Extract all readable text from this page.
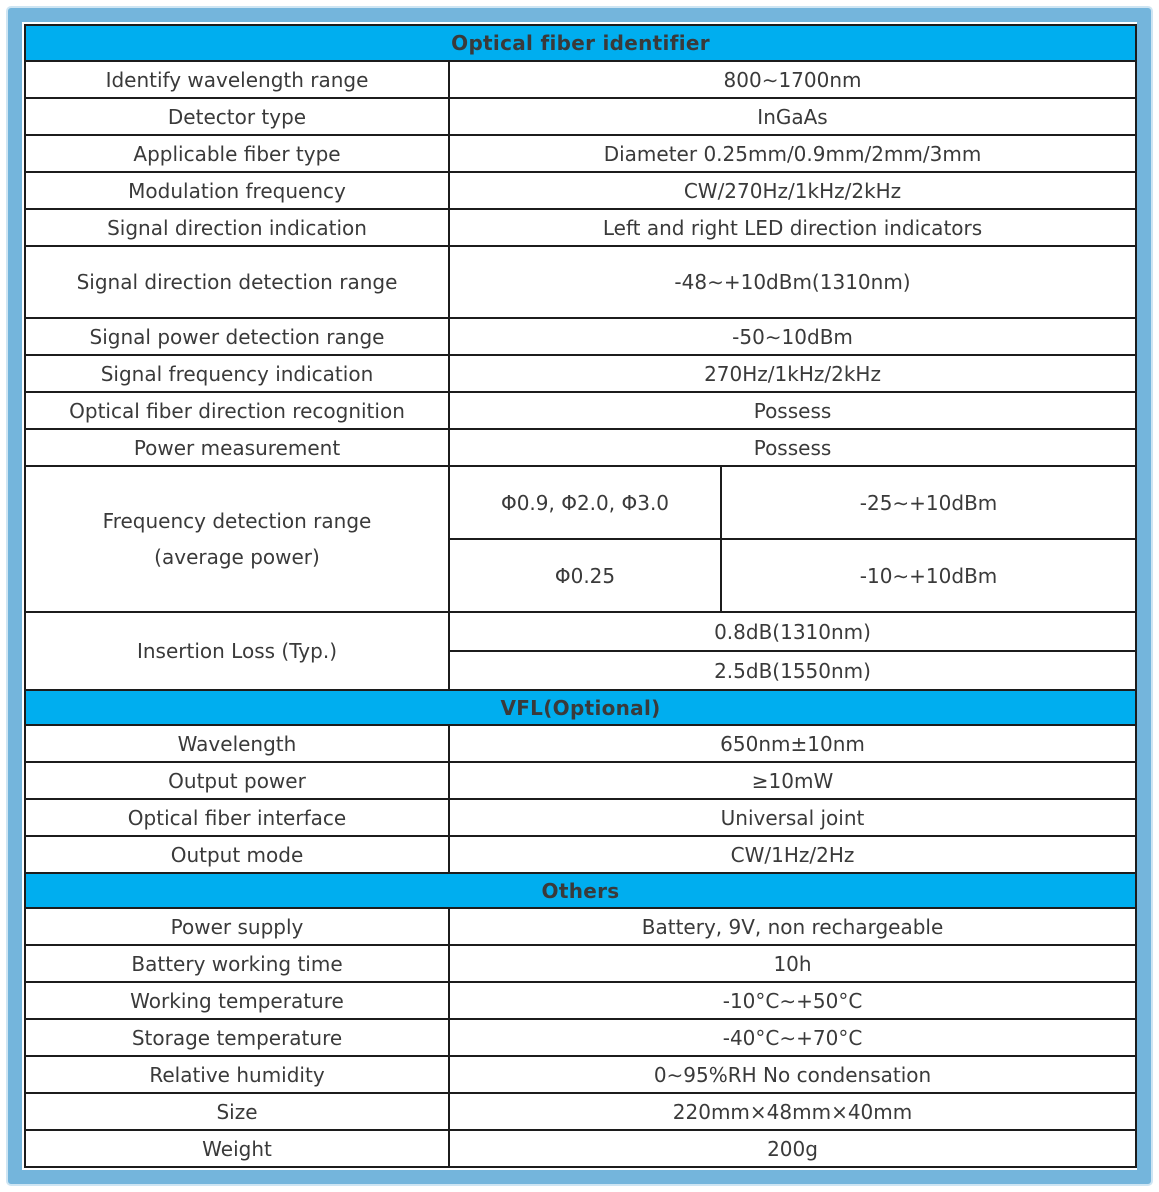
Optical fiber identifier		
Identify wavelength range	800∼1700nm	
Detector type	InGaAs	
Applicable fiber type	Diameter 0.25mm/0.9mm/2mm/3mm	
Modulation frequency	CW/270Hz/1kHz/2kHz	
Signal direction indication	Left and right LED direction indicators	
Signal direction detection range	-48∼+10dBm(1310nm)	
Signal power detection range	-50∼10dBm	
Signal frequency indication	270Hz/1kHz/2kHz	
Optical fiber direction recognition	Possess	
Power measurement	Possess	

Frequency detection range
(average power)	Φ0.9, Φ2.0, Φ3.0	-25∼+10dBm
	Φ0.25	-10∼+10dBm
Insertion Loss (Typ.)	0.8dB(1310nm)	
	2.5dB(1550nm)	
VFL(Optional)		
Wavelength	650nm±10nm	
Output power	≥10mW	
Optical fiber interface	Universal joint	
Output mode	CW/1Hz/2Hz	
Others		
Power supply	Battery, 9V, non rechargeable	
Battery working time	10h	
Working temperature	-10°C∼+50°C	
Storage temperature	-40°C∼+70°C	
Relative humidity	0∼95%RH No condensation	
Size	220mm×48mm×40mm	
Weight	200g	
